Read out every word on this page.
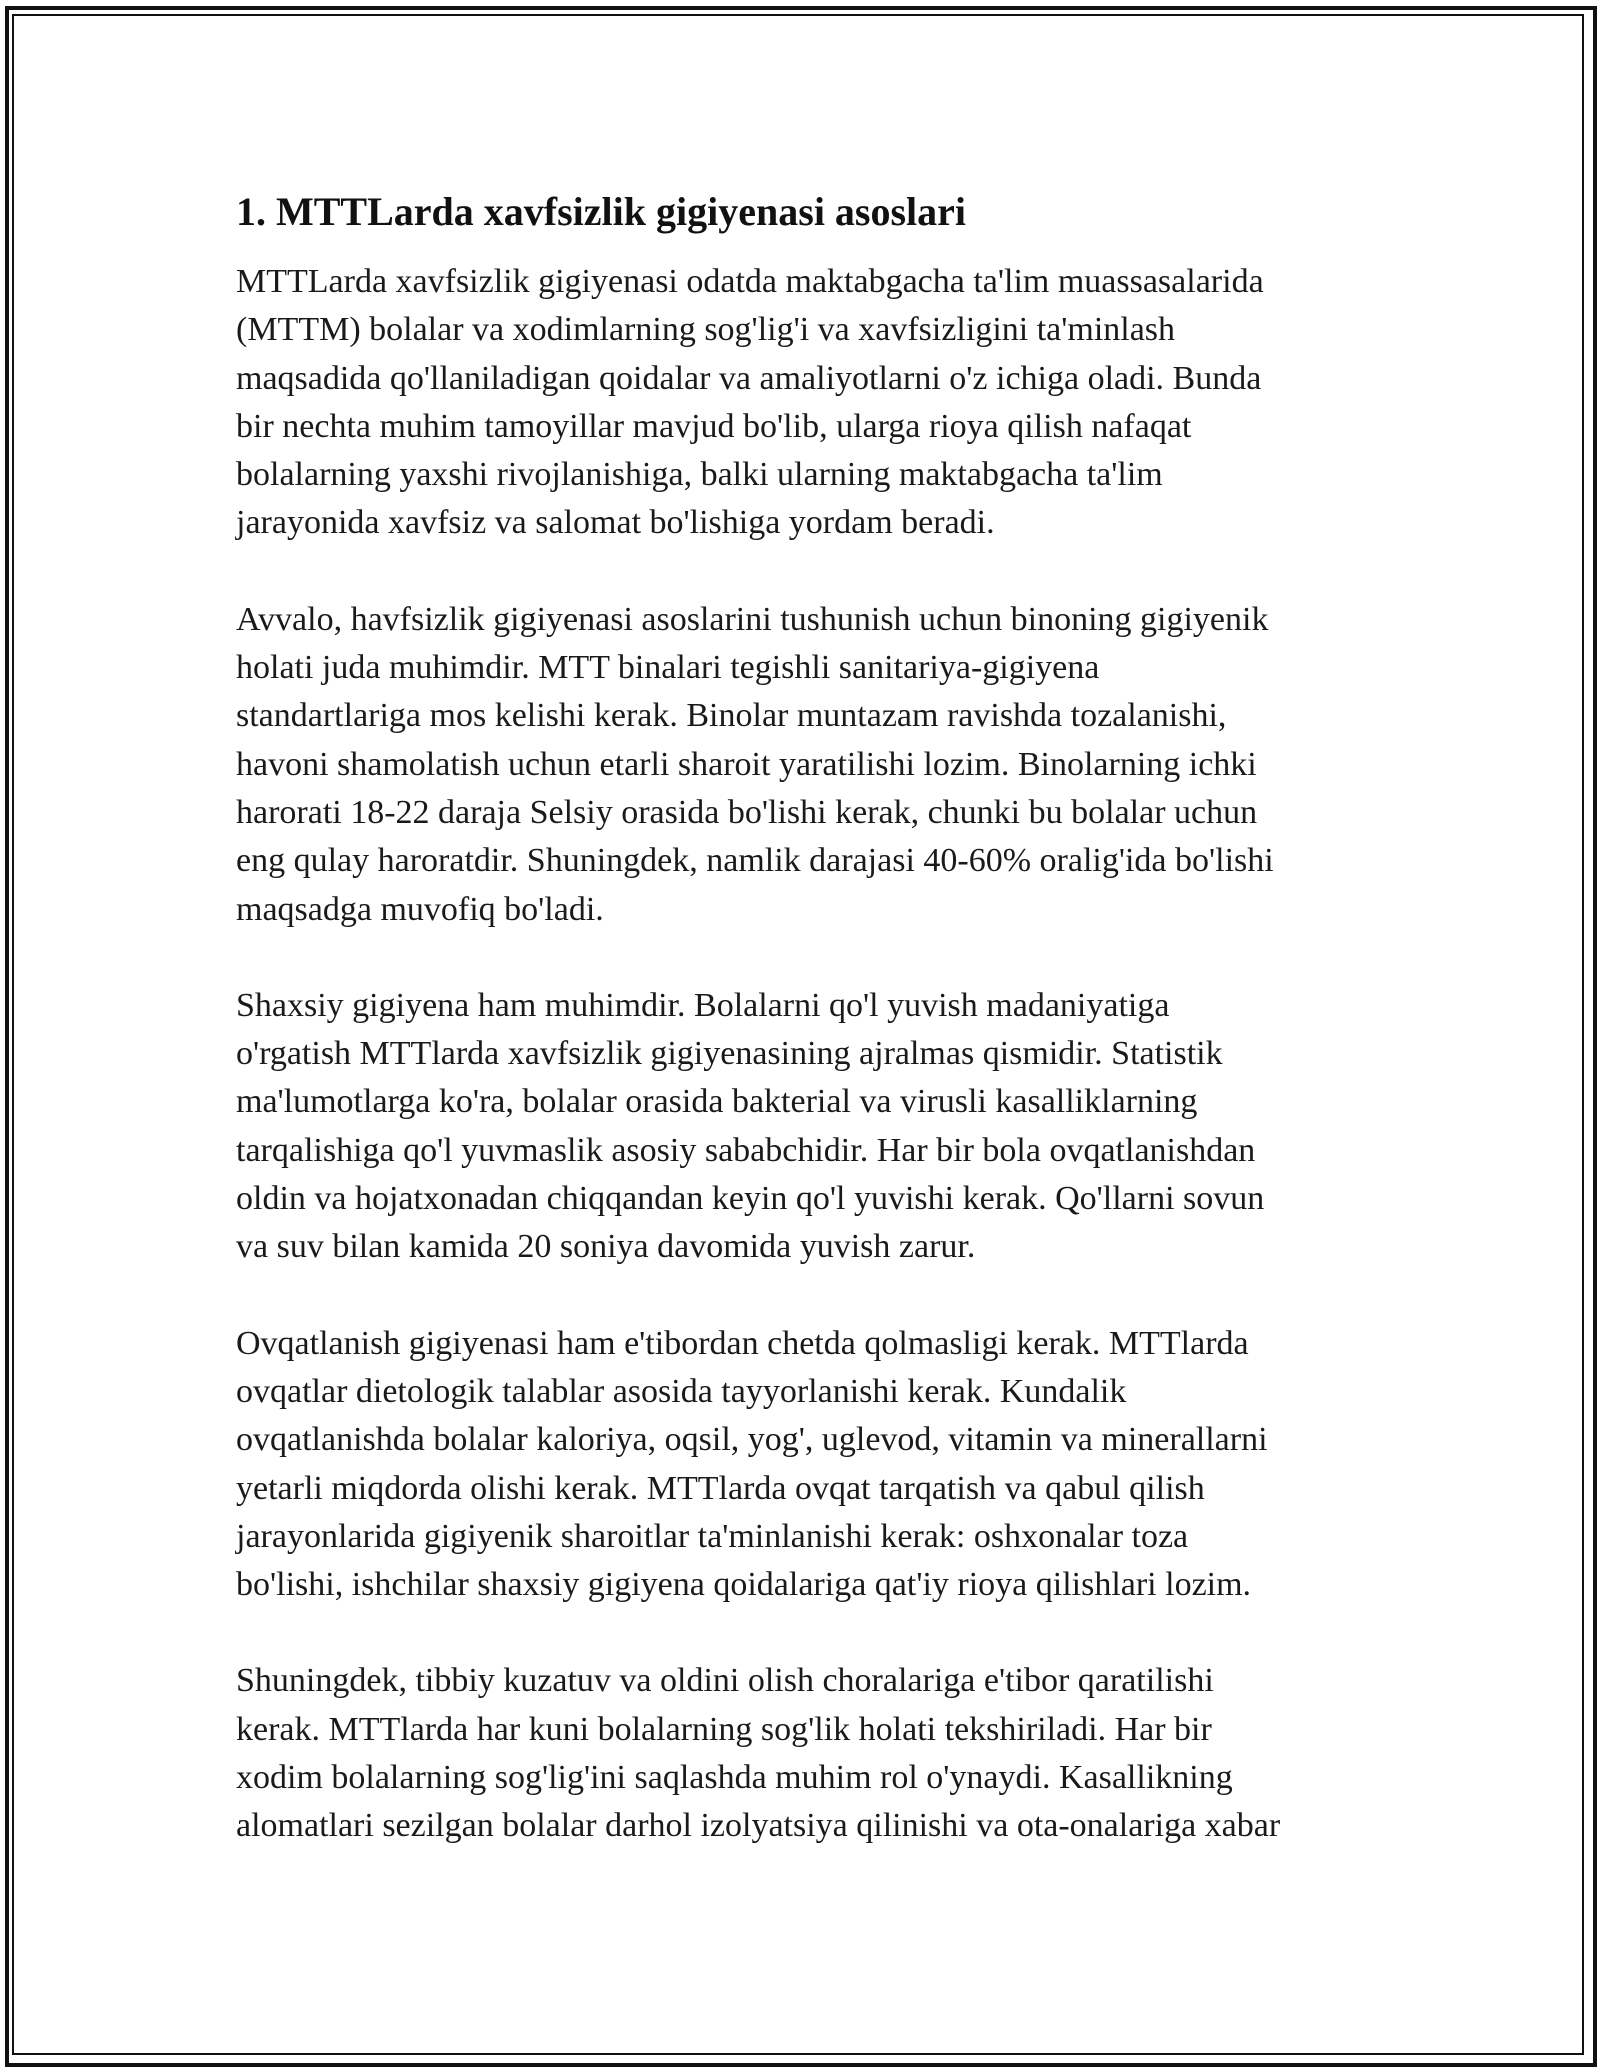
1. MTTLarda xavfsizlik gigiyenasi asoslari

MTTLarda xavfsizlik gigiyenasi odatda maktabgacha ta'lim muassasalarida
(MTTM) bolalar va xodimlarning sog'lig'i va xavfsizligini ta'minlash
maqsadida qo'llaniladigan qoidalar va amaliyotlarni o'z ichiga oladi. Bunda
bir nechta muhim tamoyillar mavjud bo'lib, ularga rioya qilish nafaqat
bolalarning yaxshi rivojlanishiga, balki ularning maktabgacha ta'lim
jarayonida xavfsiz va salomat bo'lishiga yordam beradi.

Avvalo, havfsizlik gigiyenasi asoslarini tushunish uchun binoning gigiyenik
holati juda muhimdir. MTT binalari tegishli sanitariya-gigiyena
standartlariga mos kelishi kerak. Binolar muntazam ravishda tozalanishi,
havoni shamolatish uchun etarli sharoit yaratilishi lozim. Binolarning ichki
harorati 18-22 daraja Selsiy orasida bo'lishi kerak, chunki bu bolalar uchun
eng qulay haroratdir. Shuningdek, namlik darajasi 40-60% oralig'ida bo'lishi
maqsadga muvofiq bo'ladi.

Shaxsiy gigiyena ham muhimdir. Bolalarni qo'l yuvish madaniyatiga
o'rgatish MTTlarda xavfsizlik gigiyenasining ajralmas qismidir. Statistik
ma'lumotlarga ko'ra, bolalar orasida bakterial va virusli kasalliklarning
tarqalishiga qo'l yuvmaslik asosiy sababchidir. Har bir bola ovqatlanishdan
oldin va hojatxonadan chiqqandan keyin qo'l yuvishi kerak. Qo'llarni sovun
va suv bilan kamida 20 soniya davomida yuvish zarur.

Ovqatlanish gigiyenasi ham e'tibordan chetda qolmasligi kerak. MTTlarda
ovqatlar dietologik talablar asosida tayyorlanishi kerak. Kundalik
ovqatlanishda bolalar kaloriya, oqsil, yog', uglevod, vitamin va minerallarni
yetarli miqdorda olishi kerak. MTTlarda ovqat tarqatish va qabul qilish
jarayonlarida gigiyenik sharoitlar ta'minlanishi kerak: oshxonalar toza
bo'lishi, ishchilar shaxsiy gigiyena qoidalariga qat'iy rioya qilishlari lozim.

Shuningdek, tibbiy kuzatuv va oldini olish choralariga e'tibor qaratilishi
kerak. MTTlarda har kuni bolalarning sog'lik holati tekshiriladi. Har bir
xodim bolalarning sog'lig'ini saqlashda muhim rol o'ynaydi. Kasallikning
alomatlari sezilgan bolalar darhol izolyatsiya qilinishi va ota-onalariga xabar
